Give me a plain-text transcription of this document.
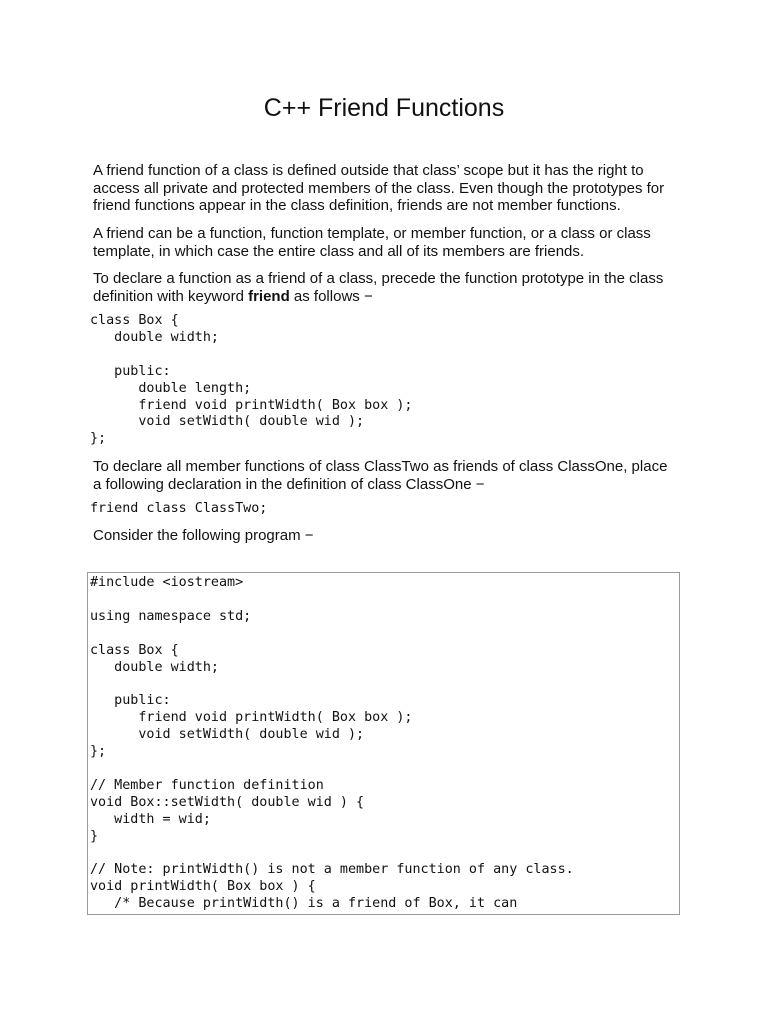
C++ Friend Functions

A friend function of a class is defined outside that class’ scope but it has the right to access all private and protected members of the class. Even though the prototypes for friend functions appear in the class definition, friends are not member functions.

A friend can be a function, function template, or member function, or a class or class template, in which case the entire class and all of its members are friends.

To declare a function as a friend of a class, precede the function prototype in the class definition with keyword friend as follows −

class Box {
double width;

public:
double length;
friend void printWidth( Box box );
void setWidth( double wid );
};

To declare all member functions of class ClassTwo as friends of class ClassOne, place a following declaration in the definition of class ClassOne −

friend class ClassTwo;

Consider the following program −

#include <iostream>

using namespace std;

class Box {
double width;

public:
friend void printWidth( Box box );
void setWidth( double wid );
};

// Member function definition
void Box::setWidth( double wid ) {
width = wid;
}

// Note: printWidth() is not a member function of any class.
void printWidth( Box box ) {
/* Because printWidth() is a friend of Box, it can
